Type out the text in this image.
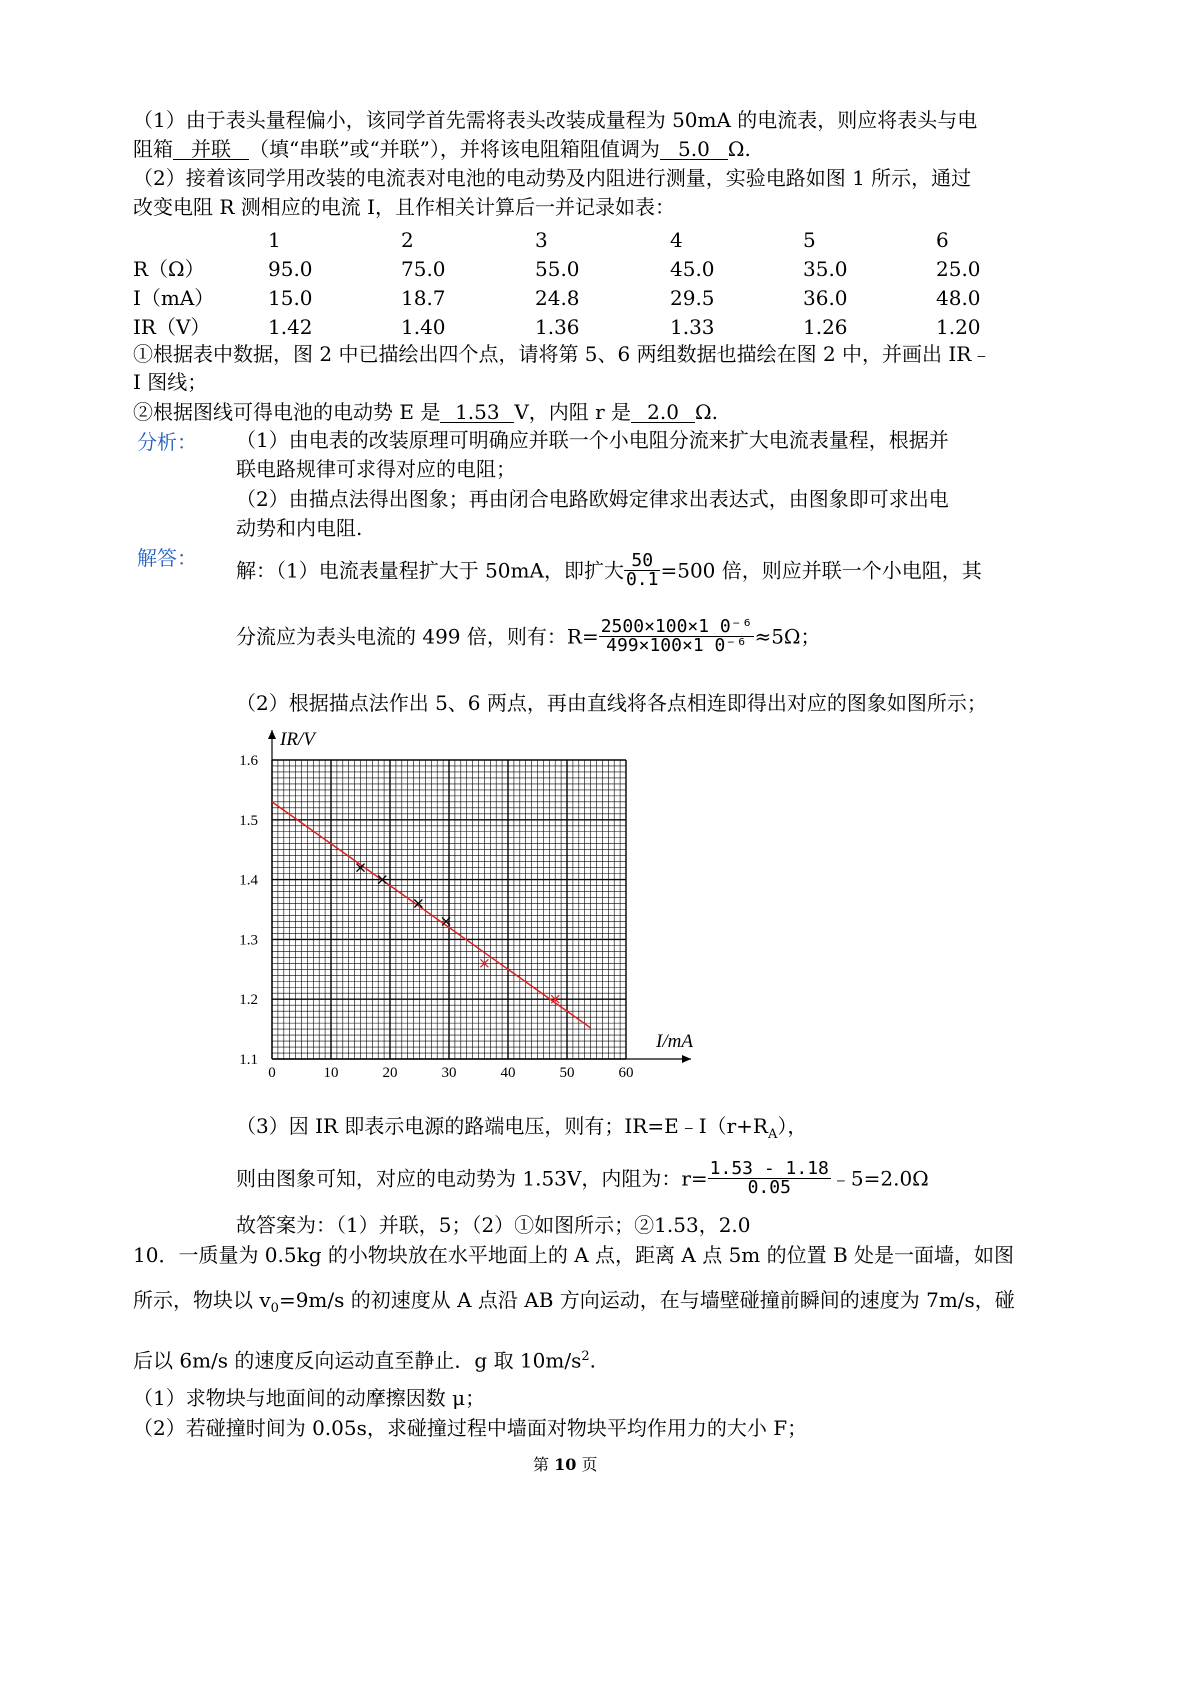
（1）由于表头量程偏小，该同学首先需将表头改装成量程为 50mA 的电流表，则应将表头与电
阻箱 并联 （填“串联”或“并联”），并将该电阻箱阻值调为 5.0 Ω.
（2）接着该同学用改装的电流表对电池的电动势及内阻进行测量，实验电路如图 1 所示，通过
改变电阻 R 测相应的电流 I，且作相关计算后一并记录如表：
	1	2	3	4	5	6
R（Ω）	95.0	75.0	55.0	45.0	35.0	25.0
I（mA）	15.0	18.7	24.8	29.5	36.0	48.0
IR（V）	1.42	1.40	1.36	1.33	1.26	1.20
①根据表中数据，图 2 中已描绘出四个点，请将第 5、6 两组数据也描绘在图 2 中，并画出 IR﹣
I 图线；
②根据图线可得电池的电动势 E 是 1.53 V，内阻 r 是 2.0 Ω.
分析： （1）由电表的改装原理可明确应并联一个小电阻分流来扩大电流表量程，根据并
联电路规律可求得对应的电阻；
（2）由描点法得出图象；再由闭合电路欧姆定律求出表达式，由图象即可求出电
动势和内电阻.
解答：
解：（1）电流表量程扩大于 50mA，即扩大 $\frac{50}{0.1} =500$ 倍，则应并联一个小电阻，其
分流应为表头电流的 499 倍，则有：$R= \frac{\text{2500×100×1 0⁻⁶}}{\text{499×100×1 0⁻⁶}} \approx 5\Omega$；
（2）根据描点法作出 5、6 两点，再由直线将各点相连即得出对应的图象如图所示；
IR/V
I/mA
0	10	20	30	40	50	60
1.1
1.2
1.3
1.4
1.5
1.6
（3）因 IR 即表示电源的路端电压，则有；$IR=E﹣I(r+R_A)$，
则由图象可知，对应的电动势为 1.53V，内阻为：$r= \frac{1.53 - 1.18}{0.05}$ ﹣5=2.0Ω
故答案为：（1）并联，5；（2）①如图所示；②1.53，2.0
10．一质量为 0.5kg 的小物块放在水平地面上的 A 点，距离 A 点 5m 的位置 B 处是一面墙，如图
所示，物块以 $v_0=9m/s$ 的初速度从 A 点沿 AB 方向运动，在与墙壁碰撞前瞬间的速度为 7m/s，碰
后以 6m/s 的速度反向运动直至静止．g 取 $10m/s^2$.
（1）求物块与地面间的动摩擦因数 μ；
（2）若碰撞时间为 0.05s，求碰撞过程中墙面对物块平均作用力的大小 F；
第 10 页
